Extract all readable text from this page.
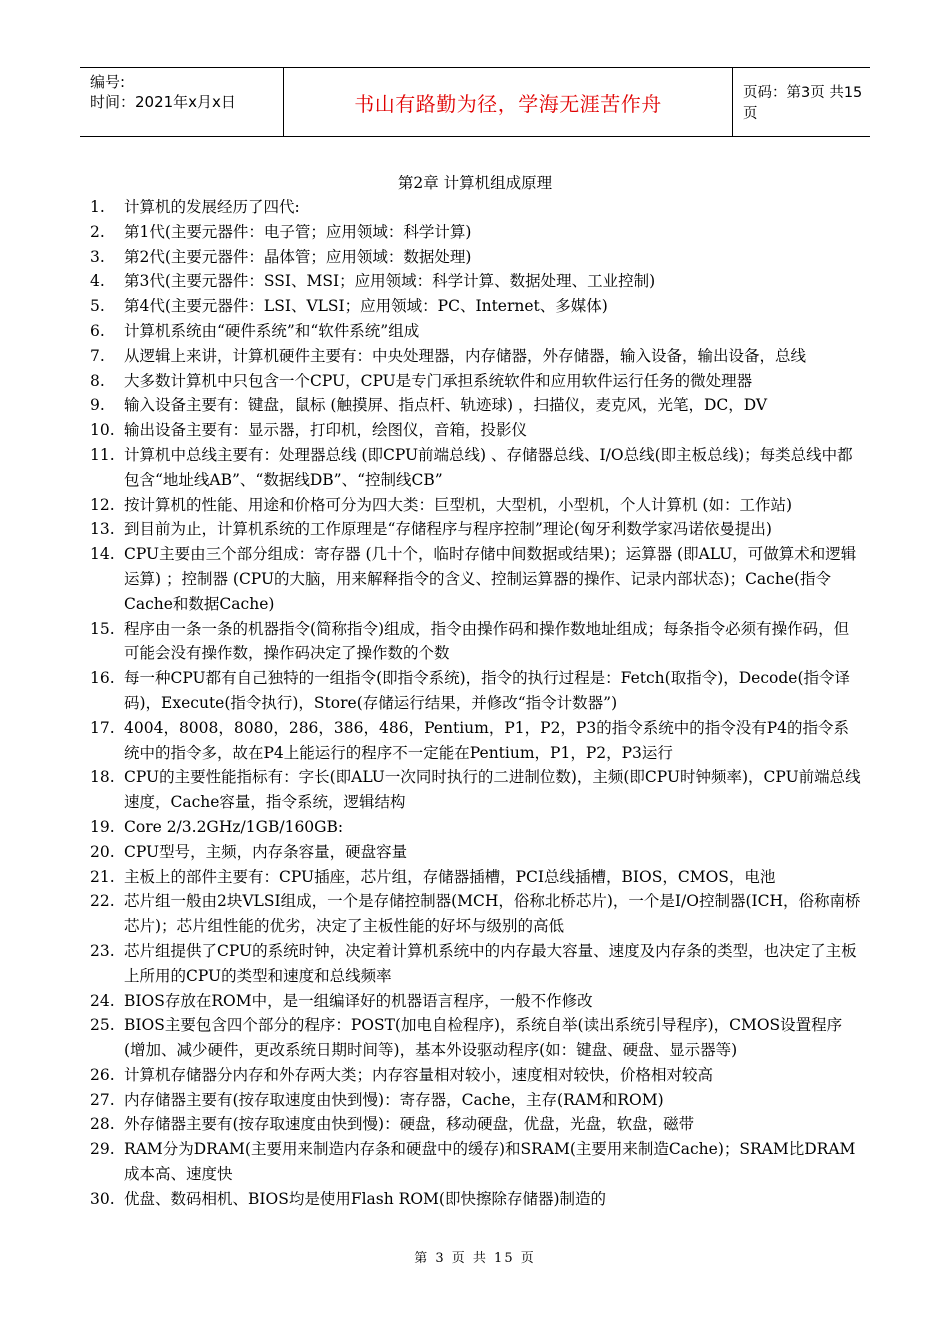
编号:
时间：2021年x月x日	书山有路勤为径，学海无涯苦作舟	页码：第3页 共15页
第2章 计算机组成原理
1. 计算机的发展经历了四代:
2. 第1代(主要元器件：电子管；应用领域：科学计算)
3. 第2代(主要元器件：晶体管；应用领域：数据处理)
4. 第3代(主要元器件：SSI、MSI；应用领域：科学计算、数据处理、工业控制)
5. 第4代(主要元器件：LSI、VLSI；应用领域：PC、Internet、多媒体)
6. 计算机系统由“硬件系统”和“软件系统”组成
7. 从逻辑上来讲，计算机硬件主要有：中央处理器，内存储器，外存储器，输入设备，输出设备，总线
8. 大多数计算机中只包含一个CPU，CPU是专门承担系统软件和应用软件运行任务的微处理器
9. 输入设备主要有：键盘，鼠标 (触摸屏、指点杆、轨迹球) ，扫描仪，麦克风，光笔，DC，DV
10. 输出设备主要有：显示器，打印机，绘图仪，音箱，投影仪
11. 计算机中总线主要有：处理器总线 (即CPU前端总线) 、存储器总线、I/O总线(即主板总线)；每类总线中都包含“地址线AB”、“数据线DB”、“控制线CB”
12. 按计算机的性能、用途和价格可分为四大类：巨型机，大型机，小型机，个人计算机 (如：工作站)
13. 到目前为止，计算机系统的工作原理是“存储程序与程序控制”理论(匈牙利数学家冯诺依曼提出)
14. CPU主要由三个部分组成：寄存器 (几十个，临时存储中间数据或结果)；运算器 (即ALU，可做算术和逻辑运算) ；控制器 (CPU的大脑，用来解释指令的含义、控制运算器的操作、记录内部状态)；Cache(指令Cache和数据Cache)
15. 程序由一条一条的机器指令(简称指令)组成，指令由操作码和操作数地址组成；每条指令必须有操作码，但可能会没有操作数，操作码决定了操作数的个数
16. 每一种CPU都有自己独特的一组指令(即指令系统)，指令的执行过程是：Fetch(取指令)，Decode(指令译码)，Execute(指令执行)，Store(存储运行结果，并修改“指令计数器”)
17. 4004，8008，8080，286，386，486，Pentium，P1，P2，P3的指令系统中的指令没有P4的指令系统中的指令多，故在P4上能运行的程序不一定能在Pentium，P1，P2，P3运行
18. CPU的主要性能指标有：字长(即ALU一次同时执行的二进制位数)，主频(即CPU时钟频率)，CPU前端总线速度，Cache容量，指令系统，逻辑结构
19. Core 2/3.2GHz/1GB/160GB:
20. CPU型号，主频，内存条容量，硬盘容量
21. 主板上的部件主要有：CPU插座，芯片组，存储器插槽，PCI总线插槽，BIOS，CMOS，电池
22. 芯片组一般由2块VLSI组成，一个是存储控制器(MCH，俗称北桥芯片)，一个是I/O控制器(ICH，俗称南桥芯片)；芯片组性能的优劣，决定了主板性能的好坏与级别的高低
23. 芯片组提供了CPU的系统时钟，决定着计算机系统中的内存最大容量、速度及内存条的类型，也决定了主板上所用的CPU的类型和速度和总线频率
24. BIOS存放在ROM中，是一组编译好的机器语言程序，一般不作修改
25. BIOS主要包含四个部分的程序：POST(加电自检程序)，系统自举(读出系统引导程序)，CMOS设置程序(增加、减少硬件，更改系统日期时间等)，基本外设驱动程序(如：键盘、硬盘、显示器等)
26. 计算机存储器分内存和外存两大类；内存容量相对较小，速度相对较快，价格相对较高
27. 内存储器主要有(按存取速度由快到慢)：寄存器，Cache，主存(RAM和ROM)
28. 外存储器主要有(按存取速度由快到慢)：硬盘，移动硬盘，优盘，光盘，软盘，磁带
29. RAM分为DRAM(主要用来制造内存条和硬盘中的缓存)和SRAM(主要用来制造Cache)；SRAM比DRAM成本高、速度快
30. 优盘、数码相机、BIOS均是使用Flash ROM(即快擦除存储器)制造的
第 3 页 共 15 页
